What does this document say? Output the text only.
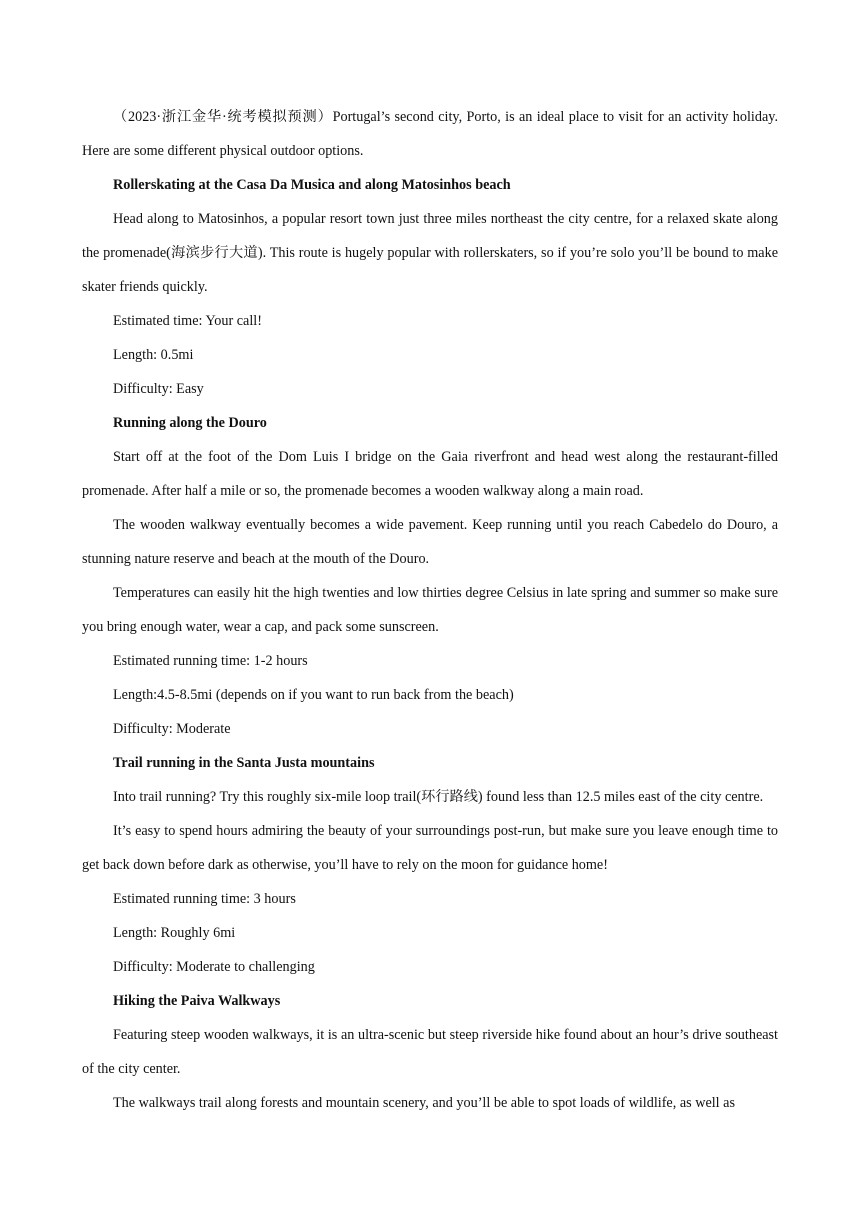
（2023·浙江金华·统考模拟预测）Portugal’s second city, Porto, is an ideal place to visit for an activity holiday. Here are some different physical outdoor options.

Rollerskating at the Casa Da Musica and along Matosinhos beach

Head along to Matosinhos, a popular resort town just three miles northeast the city centre, for a relaxed skate along the promenade(海滨步行大道). This route is hugely popular with rollerskaters, so if you’re solo you’ll be bound to make skater friends quickly.

Estimated time: Your call!

Length: 0.5mi

Difficulty: Easy

Running along the Douro

Start off at the foot of the Dom Luis I bridge on the Gaia riverfront and head west along the restaurant-filled promenade. After half a mile or so, the promenade becomes a wooden walkway along a main road.

The wooden walkway eventually becomes a wide pavement. Keep running until you reach Cabedelo do Douro, a stunning nature reserve and beach at the mouth of the Douro.

Temperatures can easily hit the high twenties and low thirties degree Celsius in late spring and summer so make sure you bring enough water, wear a cap, and pack some sunscreen.

Estimated running time: 1-2 hours

Length:4.5-8.5mi (depends on if you want to run back from the beach)

Difficulty: Moderate

Trail running in the Santa Justa mountains

Into trail running? Try this roughly six-mile loop trail(环行路线) found less than 12.5 miles east of the city centre.

It’s easy to spend hours admiring the beauty of your surroundings post-run, but make sure you leave enough time to get back down before dark as otherwise, you’ll have to rely on the moon for guidance home!

Estimated running time: 3 hours

Length: Roughly 6mi

Difficulty: Moderate to challenging

Hiking the Paiva Walkways

Featuring steep wooden walkways, it is an ultra-scenic but steep riverside hike found about an hour’s drive southeast of the city center.

The walkways trail along forests and mountain scenery, and you’ll be able to spot loads of wildlife, as well as
